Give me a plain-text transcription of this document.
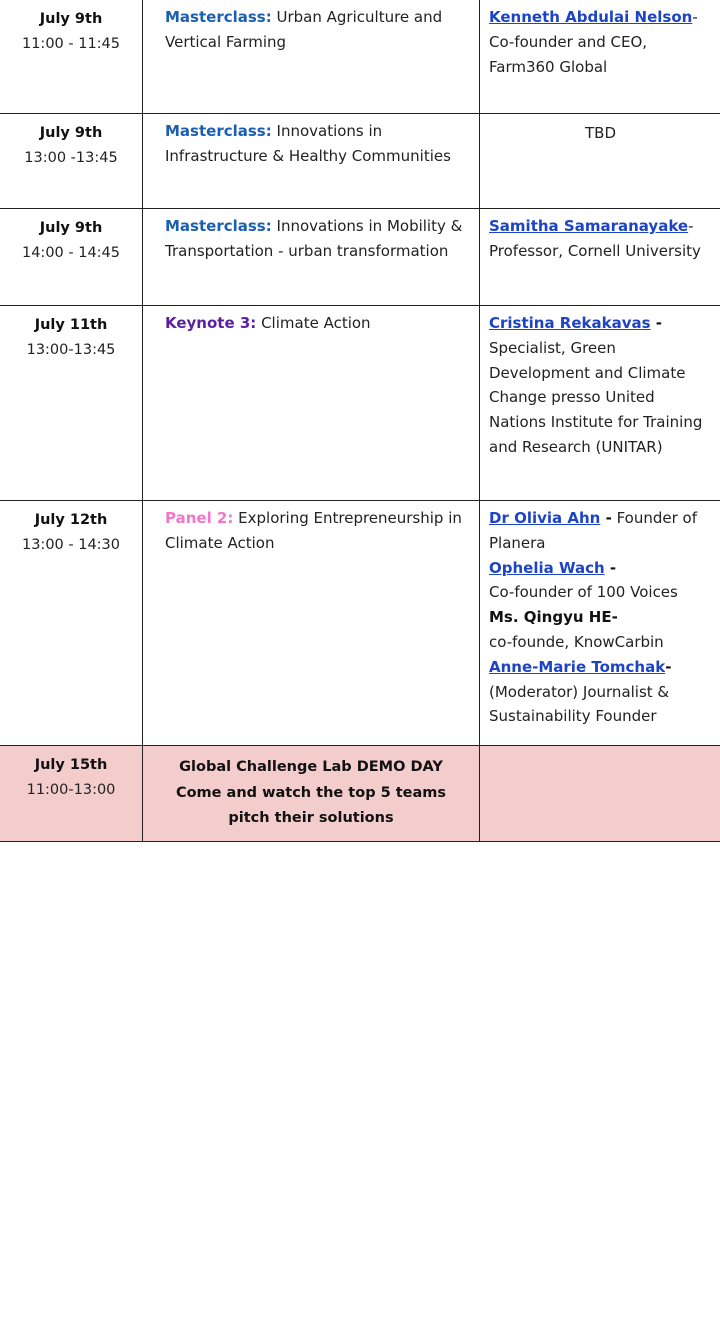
July 9th
11:00 - 11:45
Masterclass: Urban Agriculture and Vertical Farming
Kenneth Abdulai Nelson- Co-founder and CEO, Farm360 Global
July 9th
13:00 -13:45
Masterclass: Innovations in Infrastructure & Healthy Communities
TBD
July 9th
14:00 - 14:45
Masterclass: Innovations in Mobility & Transportation - urban transformation
Samitha Samaranayake- Professor, Cornell University
July 11th
13:00-13:45
Keynote 3: Climate Action	Cristina Rekakavas -
Specialist, Green Development and Climate Change presso United Nations Institute for Training and Research (UNITAR)
July 12th
13:00 - 14:30
Panel 2: Exploring Entrepreneurship in Climate Action
Dr Olivia Ahn - Founder of Planera
Ophelia Wach -
Co-founder of 100 Voices
Ms. Qingyu HE-
co-founde, KnowCarbin
Anne-Marie Tomchak-
(Moderator) Journalist & Sustainability Founder
July 15th
11:00-13:00
Global Challenge Lab DEMO DAY
Come and watch the top 5 teams pitch their solutions
